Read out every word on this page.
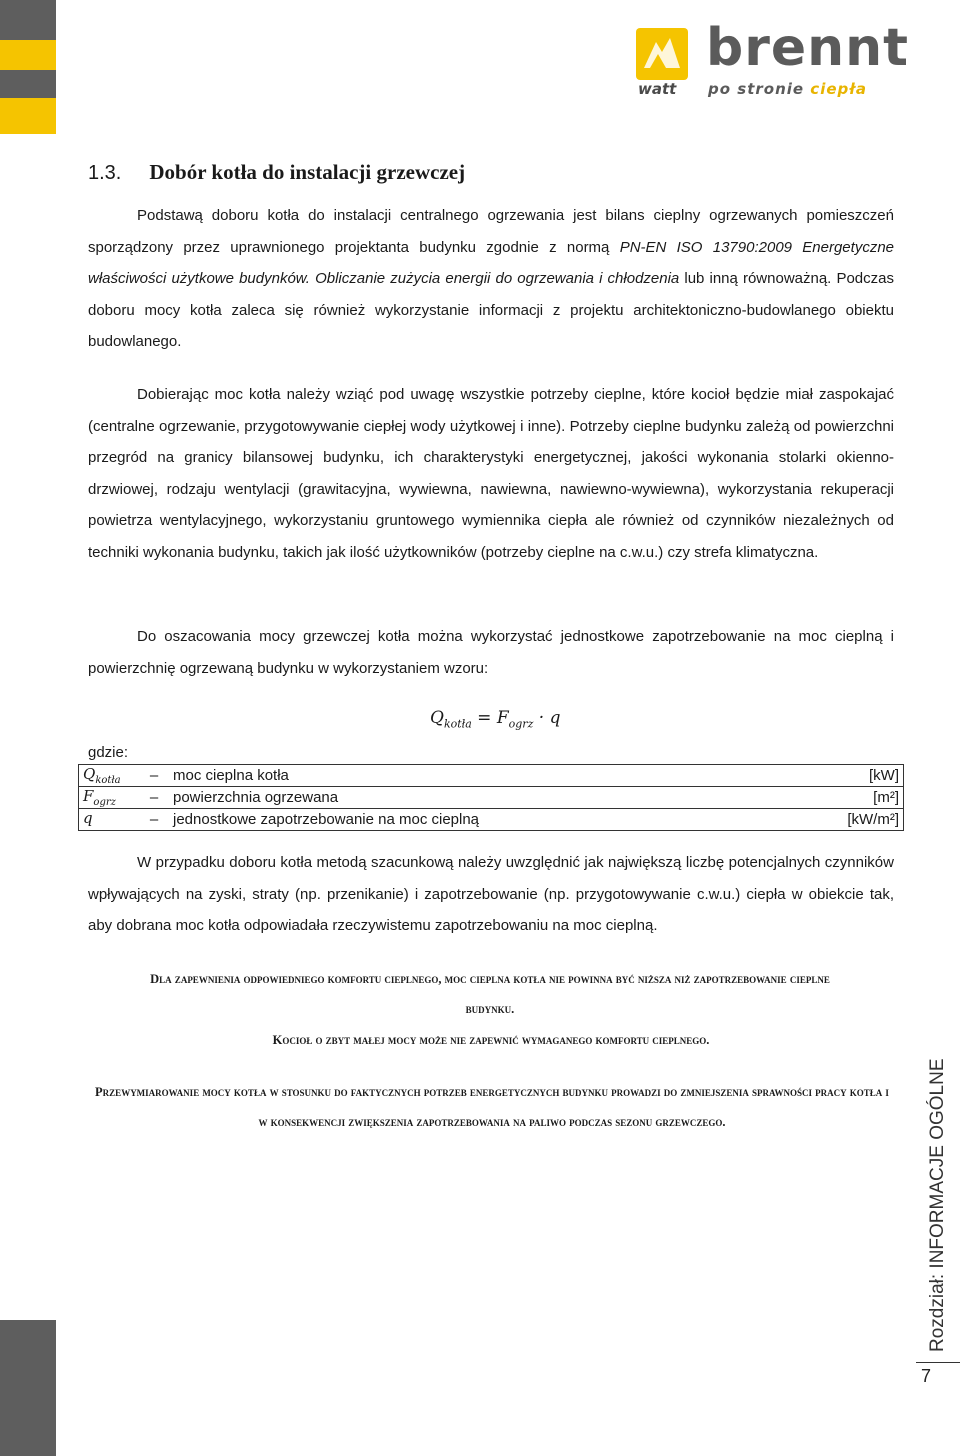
brennt
watt po stronie ciepła
1.3. Dobór kotła do instalacji grzewczej
Podstawą doboru kotła do instalacji centralnego ogrzewania jest bilans cieplny ogrzewanych pomieszczeń sporządzony przez uprawnionego projektanta budynku zgodnie z normą PN-EN ISO 13790:2009 Energetyczne właściwości użytkowe budynków. Obliczanie zużycia energii do ogrzewania i chłodzenia lub inną równoważną. Podczas doboru mocy kotła zaleca się również wykorzystanie informacji z projektu architektoniczno-budowlanego obiektu budowlanego.
Dobierając moc kotła należy wziąć pod uwagę wszystkie potrzeby cieplne, które kocioł będzie miał zaspokajać (centralne ogrzewanie, przygotowywanie ciepłej wody użytkowej i inne). Potrzeby cieplne budynku zależą od powierzchni przegród na granicy bilansowej budynku, ich charakterystyki energetycznej, jakości wykonania stolarki okienno-drzwiowej, rodzaju wentylacji (grawitacyjna, wywiewna, nawiewna, nawiewno-wywiewna), wykorzystania rekuperacji powietrza wentylacyjnego, wykorzystaniu gruntowego wymiennika ciepła ale również od czynników niezależnych od techniki wykonania budynku, takich jak ilość użytkowników (potrzeby cieplne na c.w.u.) czy strefa klimatyczna.
Do oszacowania mocy grzewczej kotła można wykorzystać jednostkowe zapotrzebowanie na moc cieplną i powierzchnię ogrzewaną budynku w wykorzystaniem wzoru:
$Q_{kotła} = F_{ogrz} \cdot q$
gdzie:
$Q_{kotła}$	–	moc cieplna kotła	[kW]
$F_{ogrz}$	–	powierzchnia ogrzewana	[m²]
q	–	jednostkowe zapotrzebowanie na moc cieplną	[kW/m²]
W przypadku doboru kotła metodą szacunkową należy uwzględnić jak największą liczbę potencjalnych czynników wpływających na zyski, straty (np. przenikanie) i zapotrzebowanie (np. przygotowywanie c.w.u.) ciepła w obiekcie tak, aby dobrana moc kotła odpowiadała rzeczywistemu zapotrzebowaniu na moc cieplną.
Dla zapewnienia odpowiedniego komfortu cieplnego, moc cieplna kotła nie powinna być niższa niż zapotrzebowanie cieplne budynku.
Kocioł o zbyt małej mocy może nie zapewnić wymaganego komfortu cieplnego.
Przewymiarowanie mocy kotła w stosunku do faktycznych potrzeb energetycznych budynku prowadzi do zmniejszenia sprawności pracy kotła i w konsekwencji zwiększenia zapotrzebowania na paliwo podczas sezonu grzewczego.	Rozdział: INFORMACJE OGÓLNE
7
